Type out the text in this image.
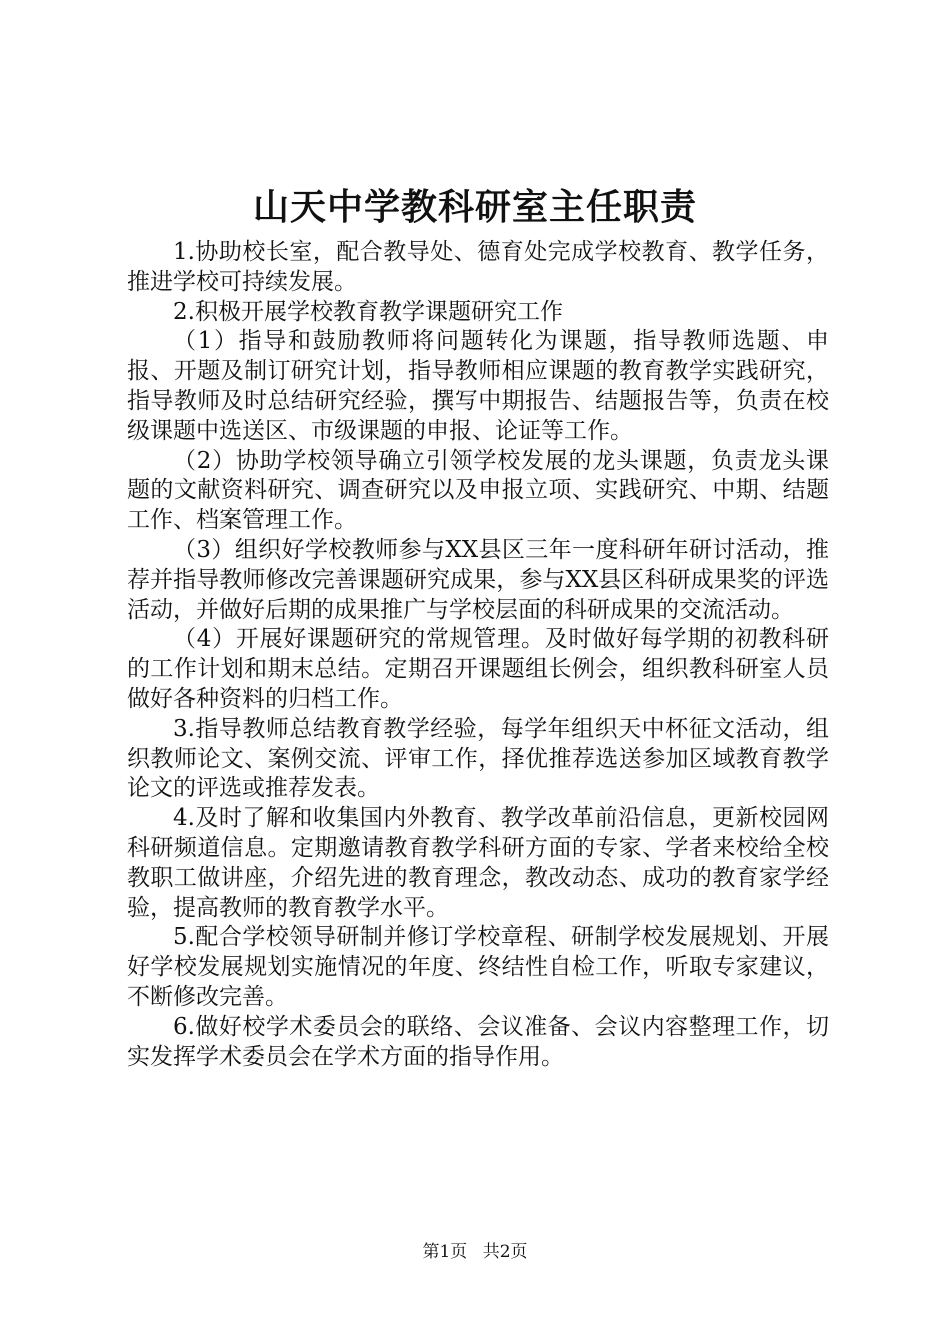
山天中学教科研室主任职责

1.协助校长室，配合教导处、德育处完成学校教育、教学任务，推进学校可持续发展。

2.积极开展学校教育教学课题研究工作

（1）指导和鼓励教师将问题转化为课题，指导教师选题、申报、开题及制订研究计划，指导教师相应课题的教育教学实践研究，指导教师及时总结研究经验，撰写中期报告、结题报告等，负责在校级课题中选送区、市级课题的申报、论证等工作。

（2）协助学校领导确立引领学校发展的龙头课题，负责龙头课题的文献资料研究、调查研究以及申报立项、实践研究、中期、结题工作、档案管理工作。

（3）组织好学校教师参与XX县区三年一度科研年研讨活动，推荐并指导教师修改完善课题研究成果，参与XX县区科研成果奖的评选活动，并做好后期的成果推广与学校层面的科研成果的交流活动。

（4）开展好课题研究的常规管理。及时做好每学期的初教科研的工作计划和期末总结。定期召开课题组长例会，组织教科研室人员做好各种资料的归档工作。

3.指导教师总结教育教学经验，每学年组织天中杯征文活动，组织教师论文、案例交流、评审工作，择优推荐选送参加区域教育教学论文的评选或推荐发表。

4.及时了解和收集国内外教育、教学改革前沿信息，更新校园网科研频道信息。定期邀请教育教学科研方面的专家、学者来校给全校教职工做讲座，介绍先进的教育理念，教改动态、成功的教育家学经验，提高教师的教育教学水平。

5.配合学校领导研制并修订学校章程、研制学校发展规划、开展好学校发展规划实施情况的年度、终结性自检工作，听取专家建议，不断修改完善。

6.做好校学术委员会的联络、会议准备、会议内容整理工作，切实发挥学术委员会在学术方面的指导作用。

第1页 共2页
